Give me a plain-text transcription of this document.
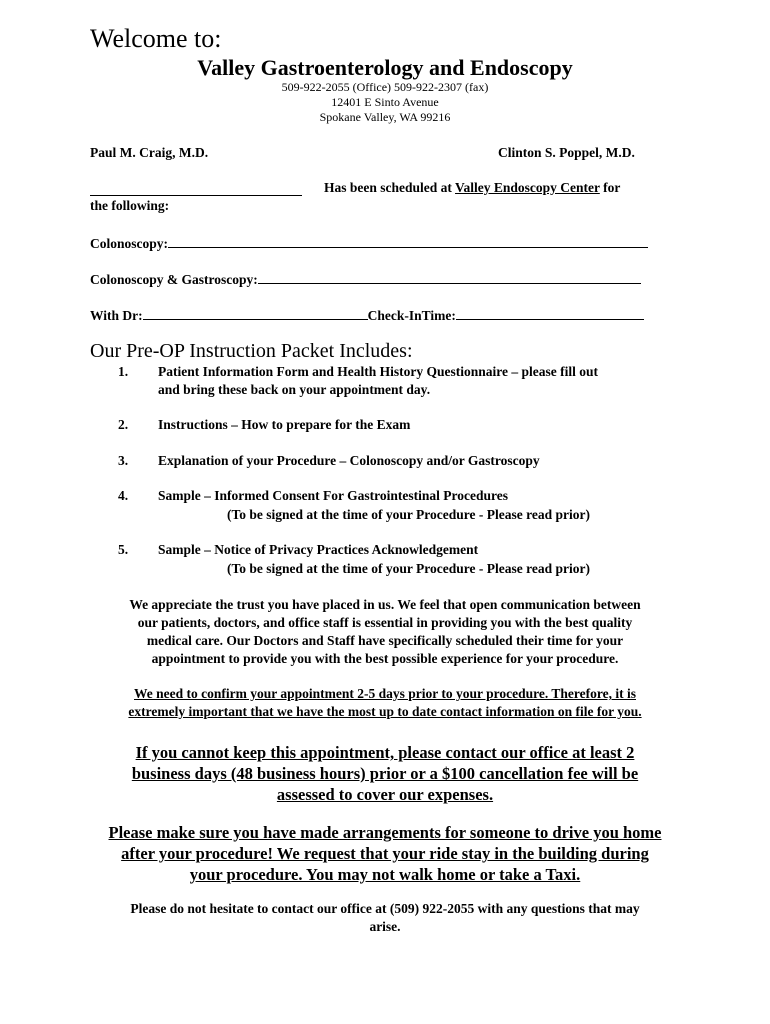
Welcome to:
Valley Gastroenterology and Endoscopy
509-922-2055 (Office) 509-922-2307 (fax)
12401 E Sinto Avenue
Spokane Valley, WA 99216
Paul M. Craig, M.D.	Clinton S. Poppel, M.D.
Has been scheduled at Valley Endoscopy Center for
the following:
Colonoscopy:
Colonoscopy & Gastroscopy:
With Dr:	Check-InTime:
Our Pre-OP Instruction Packet Includes:
1. Patient Information Form and Health History Questionnaire – please fill out
and bring these back on your appointment day.
2. Instructions – How to prepare for the Exam
3. Explanation of your Procedure – Colonoscopy and/or Gastroscopy
4. Sample – Informed Consent For Gastrointestinal Procedures
(To be signed at the time of your Procedure - Please read prior)
5. Sample – Notice of Privacy Practices Acknowledgement
(To be signed at the time of your Procedure - Please read prior)
We appreciate the trust you have placed in us. We feel that open communication between
our patients, doctors, and office staff is essential in providing you with the best quality
medical care. Our Doctors and Staff have specifically scheduled their time for your
appointment to provide you with the best possible experience for your procedure.
We need to confirm your appointment 2-5 days prior to your procedure. Therefore, it is
extremely important that we have the most up to date contact information on file for you.
If you cannot keep this appointment, please contact our office at least 2
business days (48 business hours) prior or a $100 cancellation fee will be
assessed to cover our expenses.
Please make sure you have made arrangements for someone to drive you home
after your procedure! We request that your ride stay in the building during
your procedure. You may not walk home or take a Taxi.
Please do not hesitate to contact our office at (509) 922-2055 with any questions that may
arise.
